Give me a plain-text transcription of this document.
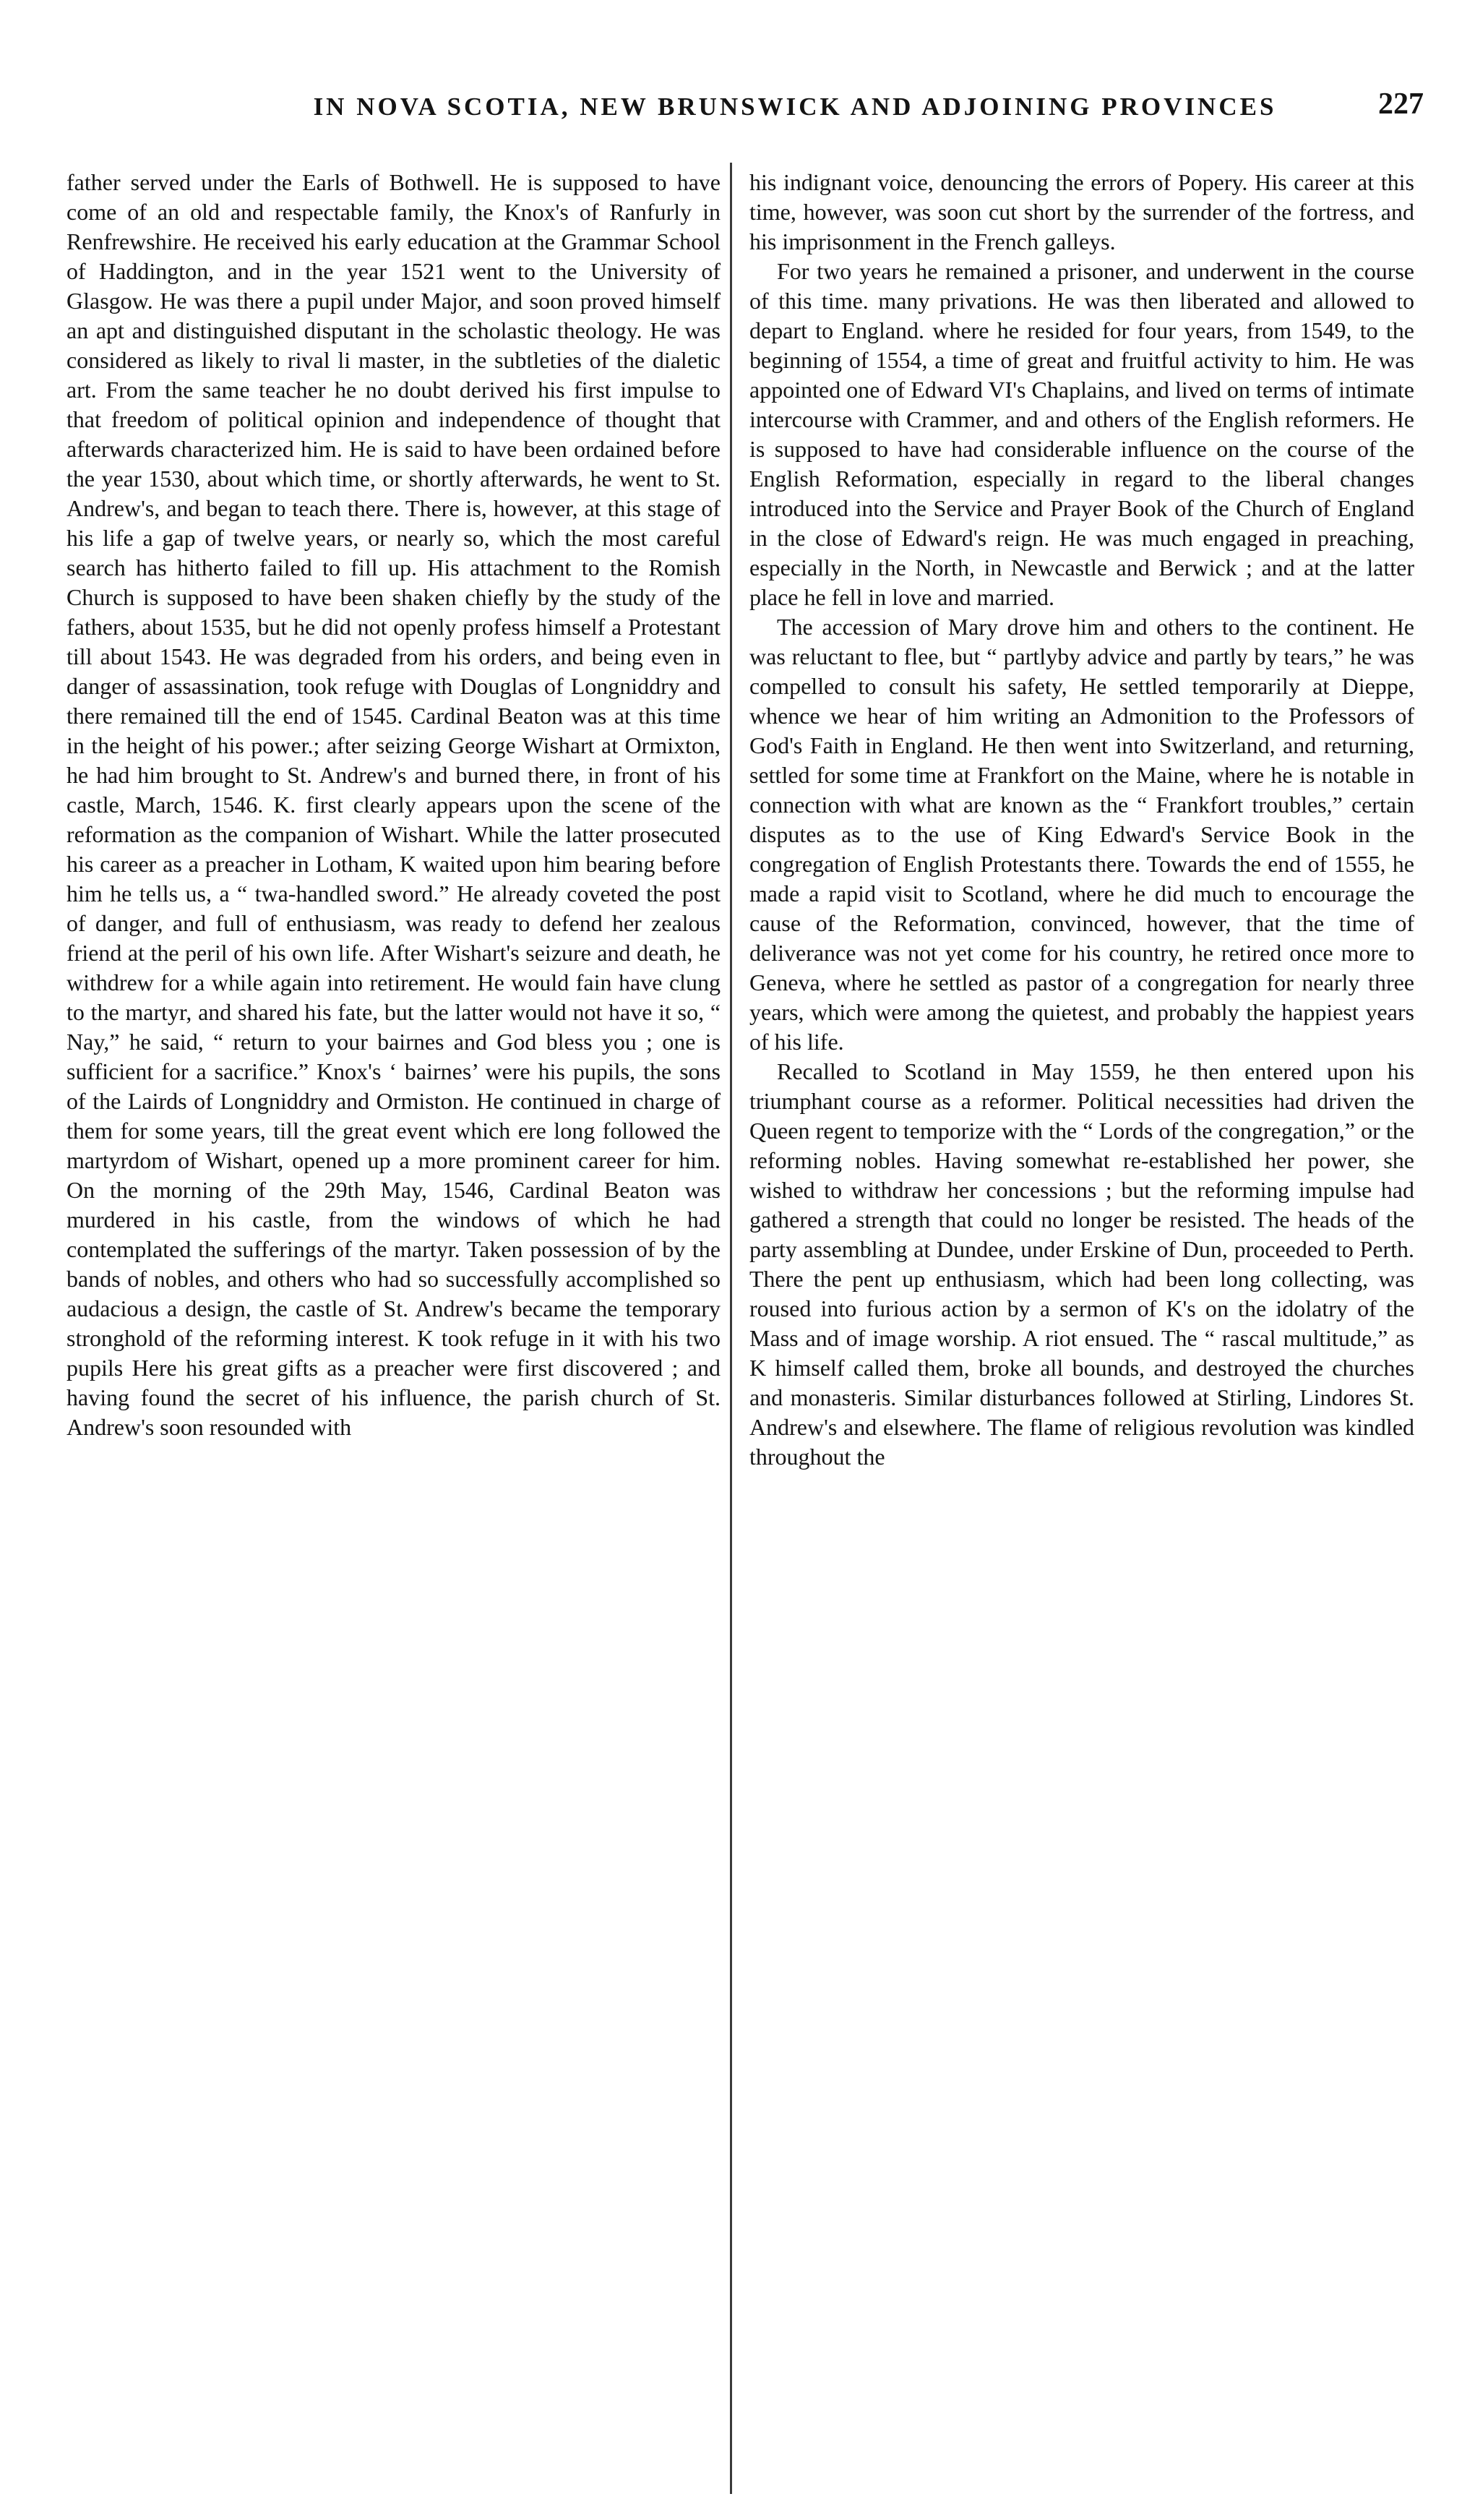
IN NOVA SCOTIA, NEW BRUNSWICK AND ADJOINING PROVINCES	227

father served under the Earls of Bothwell. He is supposed to have come of an old and respectable family, the Knox's of Ranfurly in Renfrewshire. He received his early education at the Grammar School of Haddington, and in the year 1521 went to the University of Glasgow. He was there a pupil under Major, and soon proved himself an apt and distinguished disputant in the scholastic theology. He was considered as likely to rival li master, in the subtleties of the dialetic art. From the same teacher he no doubt derived his first impulse to that freedom of political opinion and independence of thought that afterwards characterized him. He is said to have been ordained before the year 1530, about which time, or shortly afterwards, he went to St. Andrew's, and began to teach there. There is, however, at this stage of his life a gap of twelve years, or nearly so, which the most careful search has hitherto failed to fill up. His attachment to the Romish Church is supposed to have been shaken chiefly by the study of the fathers, about 1535, but he did not openly profess himself a Protestant till about 1543. He was degraded from his orders, and being even in danger of assassination, took refuge with Douglas of Longniddry and there remained till the end of 1545. Cardinal Beaton was at this time in the height of his power.; after seizing George Wishart at Ormixton, he had him brought to St. Andrew's and burned there, in front of his castle, March, 1546. K. first clearly appears upon the scene of the reformation as the companion of Wishart. While the latter prosecuted his career as a preacher in Lotham, K waited upon him bearing before him he tells us, a “ twa-handled sword.” He already coveted the post of danger, and full of enthusiasm, was ready to defend her zealous friend at the peril of his own life. After Wishart's seizure and death, he withdrew for a while again into retirement. He would fain have clung to the martyr, and shared his fate, but the latter would not have it so, “ Nay,” he said, “ return to your bairnes and God bless you ; one is sufficient for a sacrifice.” Knox's ‘ bairnes’ were his pupils, the sons of the Lairds of Longniddry and Ormiston. He continued in charge of them for some years, till the great event which ere long followed the martyrdom of Wishart, opened up a more prominent career for him. On the morning of the 29th May, 1546, Cardinal Beaton was murdered in his castle, from the windows of which he had contemplated the sufferings of the martyr. Taken possession of by the bands of nobles, and others who had so successfully accomplished so audacious a design, the castle of St. Andrew's became the temporary stronghold of the reforming interest. K took refuge in it with his two pupils Here his great gifts as a preacher were first discovered ; and having found the secret of his influence, the parish church of St. Andrew's soon resounded with

his indignant voice, denouncing the errors of Popery. His career at this time, however, was soon cut short by the surrender of the fortress, and his imprisonment in the French galleys.

For two years he remained a prisoner, and underwent in the course of this time. many privations. He was then liberated and allowed to depart to England. where he resided for four years, from 1549, to the beginning of 1554, a time of great and fruitful activity to him. He was appointed one of Edward VI's Chaplains, and lived on terms of intimate intercourse with Crammer, and and others of the English reformers. He is supposed to have had considerable influence on the course of the English Reformation, especially in regard to the liberal changes introduced into the Service and Prayer Book of the Church of England in the close of Edward's reign. He was much engaged in preaching, especially in the North, in Newcastle and Berwick ; and at the latter place he fell in love and married.

The accession of Mary drove him and others to the continent. He was reluctant to flee, but “ partlyby advice and partly by tears,” he was compelled to consult his safety, He settled temporarily at Dieppe, whence we hear of him writing an Admonition to the Professors of God's Faith in England. He then went into Switzerland, and returning, settled for some time at Frankfort on the Maine, where he is notable in connection with what are known as the “ Frankfort troubles,” certain disputes as to the use of King Edward's Service Book in the congregation of English Protestants there. Towards the end of 1555, he made a rapid visit to Scotland, where he did much to encourage the cause of the Reformation, convinced, however, that the time of deliverance was not yet come for his country, he retired once more to Geneva, where he settled as pastor of a congregation for nearly three years, which were among the quietest, and probably the happiest years of his life.

Recalled to Scotland in May 1559, he then entered upon his triumphant course as a reformer. Political necessities had driven the Queen regent to temporize with the “ Lords of the congregation,” or the reforming nobles. Having somewhat re-established her power, she wished to withdraw her concessions ; but the reforming impulse had gathered a strength that could no longer be resisted. The heads of the party assembling at Dundee, under Erskine of Dun, proceeded to Perth. There the pent up enthusiasm, which had been long collecting, was roused into furious action by a sermon of K's on the idolatry of the Mass and of image worship. A riot ensued. The “ rascal multitude,” as K himself called them, broke all bounds, and destroyed the churches and monasteris. Similar disturbances followed at Stirling, Lindores St. Andrew's and elsewhere. The flame of religious revolution was kindled throughout the
